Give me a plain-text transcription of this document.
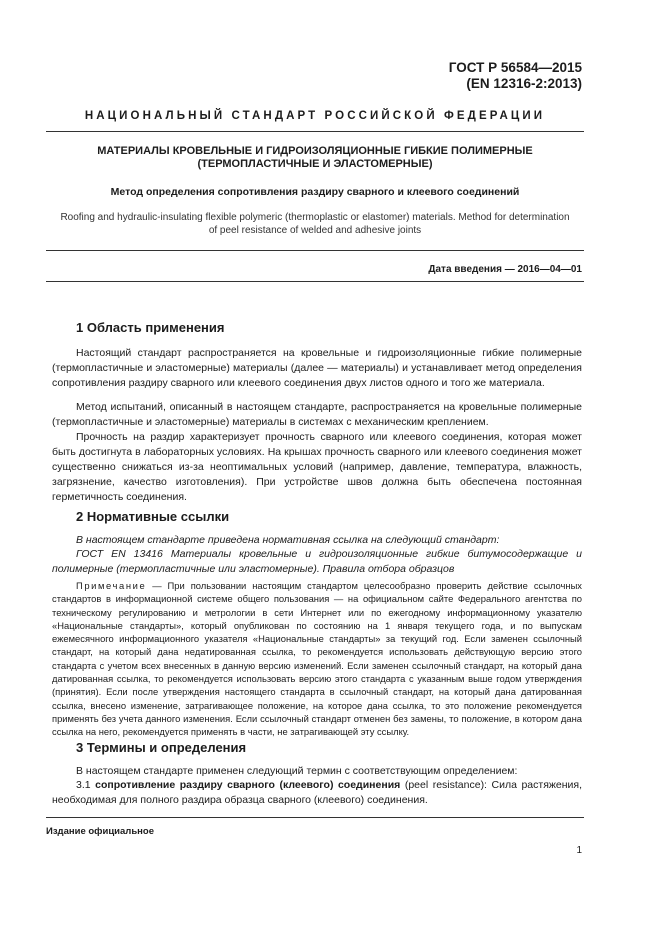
ГОСТ Р 56584—2015
(EN 12316-2:2013)
НАЦИОНАЛЬНЫЙ СТАНДАРТ РОССИЙСКОЙ ФЕДЕРАЦИИ
МАТЕРИАЛЫ КРОВЕЛЬНЫЕ И ГИДРОИЗОЛЯЦИОННЫЕ ГИБКИЕ ПОЛИМЕРНЫЕ
(ТЕРМОПЛАСТИЧНЫЕ И ЭЛАСТОМЕРНЫЕ)
Метод определения сопротивления раздиру сварного и клеевого соединений
Roofing and hydraulic-insulating flexible polymeric (thermoplastic or elastomer) materials. Method for determination
of peel resistance of welded and adhesive joints
Дата введения — 2016—04—01
1 Область применения

Настоящий стандарт распространяется на кровельные и гидроизоляционные гибкие полимерные (термопластичные и эластомерные) материалы (далее — материалы) и устанавливает метод определения сопротивления раздиру сварного или клеевого соединения двух листов одного и того же материала.

Метод испытаний, описанный в настоящем стандарте, распространяется на кровельные полимерные (термопластичные и эластомерные) материалы в системах с механическим креплением.

Прочность на раздир характеризует прочность сварного или клеевого соединения, которая может быть достигнута в лабораторных условиях. На крышах прочность сварного или клеевого соединения может существенно снижаться из-за неоптимальных условий (например, давление, температура, влажность, загрязнение, качество изготовления). При устройстве швов должна быть обеспечена постоянная герметичность соединения.

2 Нормативные ссылки

В настоящем стандарте приведена нормативная ссылка на следующий стандарт:

ГОСТ EN 13416 Материалы кровельные и гидроизоляционные гибкие битумосодержащие и полимерные (термопластичные или эластомерные). Правила отбора образцов

Примечание — При пользовании настоящим стандартом целесообразно проверить действие ссылочных стандартов в информационной системе общего пользования — на официальном сайте Федерального агентства по техническому регулированию и метрологии в сети Интернет или по ежегодному информационному указателю «Национальные стандарты», который опубликован по состоянию на 1 января текущего года, и по выпускам ежемесячного информационного указателя «Национальные стандарты» за текущий год. Если заменен ссылочный стандарт, на который дана недатированная ссылка, то рекомендуется использовать действующую версию этого стандарта с учетом всех внесенных в данную версию изменений. Если заменен ссылочный стандарт, на который дана датированная ссылка, то рекомендуется использовать версию этого стандарта с указанным выше годом утверждения (принятия). Если после утверждения настоящего стандарта в ссылочный стандарт, на который дана датированная ссылка, внесено изменение, затрагивающее положение, на которое дана ссылка, то это положение рекомендуется применять без учета данного изменения. Если ссылочный стандарт отменен без замены, то положение, в котором дана ссылка на него, рекомендуется применять в части, не затрагивающей эту ссылку.

3 Термины и определения

В настоящем стандарте применен следующий термин с соответствующим определением:

3.1 сопротивление раздиру сварного (клеевого) соединения (peel resistance): Сила растяжения, необходимая для полного раздира образца сварного (клеевого) соединения.

Издание официальное
1
